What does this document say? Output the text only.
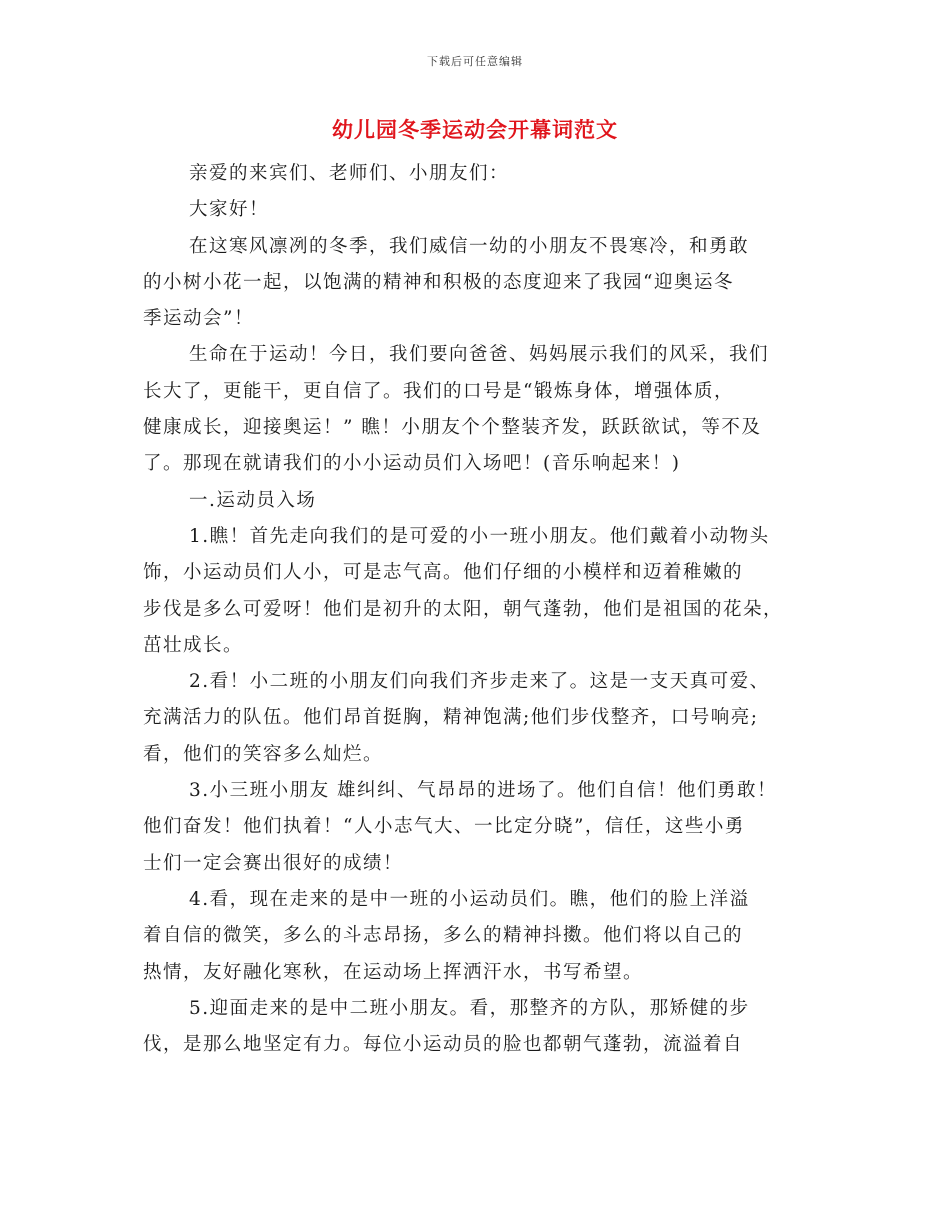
下载后可任意编辑
幼儿园冬季运动会开幕词范文
亲爱的来宾们、老师们、小朋友们：
大家好！
在这寒风凛冽的冬季，我们威信一幼的小朋友不畏寒冷，和勇敢
的小树小花一起，以饱满的精神和积极的态度迎来了我园“迎奥运冬
季运动会”！
生命在于运动！今日，我们要向爸爸、妈妈展示我们的风采，我们
长大了，更能干，更自信了。我们的口号是“锻炼身体，增强体质，
健康成长，迎接奥运！” 瞧！小朋友个个整装齐发，跃跃欲试，等不及
了。那现在就请我们的小小运动员们入场吧！(音乐响起来！)
一.运动员入场
1.瞧！首先走向我们的是可爱的小一班小朋友。他们戴着小动物头
饰，小运动员们人小，可是志气高。他们仔细的小模样和迈着稚嫩的
步伐是多么可爱呀！他们是初升的太阳，朝气蓬勃，他们是祖国的花朵，
茁壮成长。
2.看！小二班的小朋友们向我们齐步走来了。这是一支天真可爱、
充满活力的队伍。他们昂首挺胸，精神饱满;他们步伐整齐，口号响亮;
看，他们的笑容多么灿烂。
3.小三班小朋友 雄纠纠、气昂昂的进场了。他们自信！他们勇敢！
他们奋发！他们执着！“人小志气大、一比定分晓”，信任，这些小勇
士们一定会赛出很好的成绩！
4.看，现在走来的是中一班的小运动员们。瞧，他们的脸上洋溢
着自信的微笑，多么的斗志昂扬，多么的精神抖擞。他们将以自己的
热情，友好融化寒秋，在运动场上挥洒汗水，书写希望。
5.迎面走来的是中二班小朋友。看，那整齐的方队，那矫健的步
伐，是那么地坚定有力。每位小运动员的脸也都朝气蓬勃，流溢着自
